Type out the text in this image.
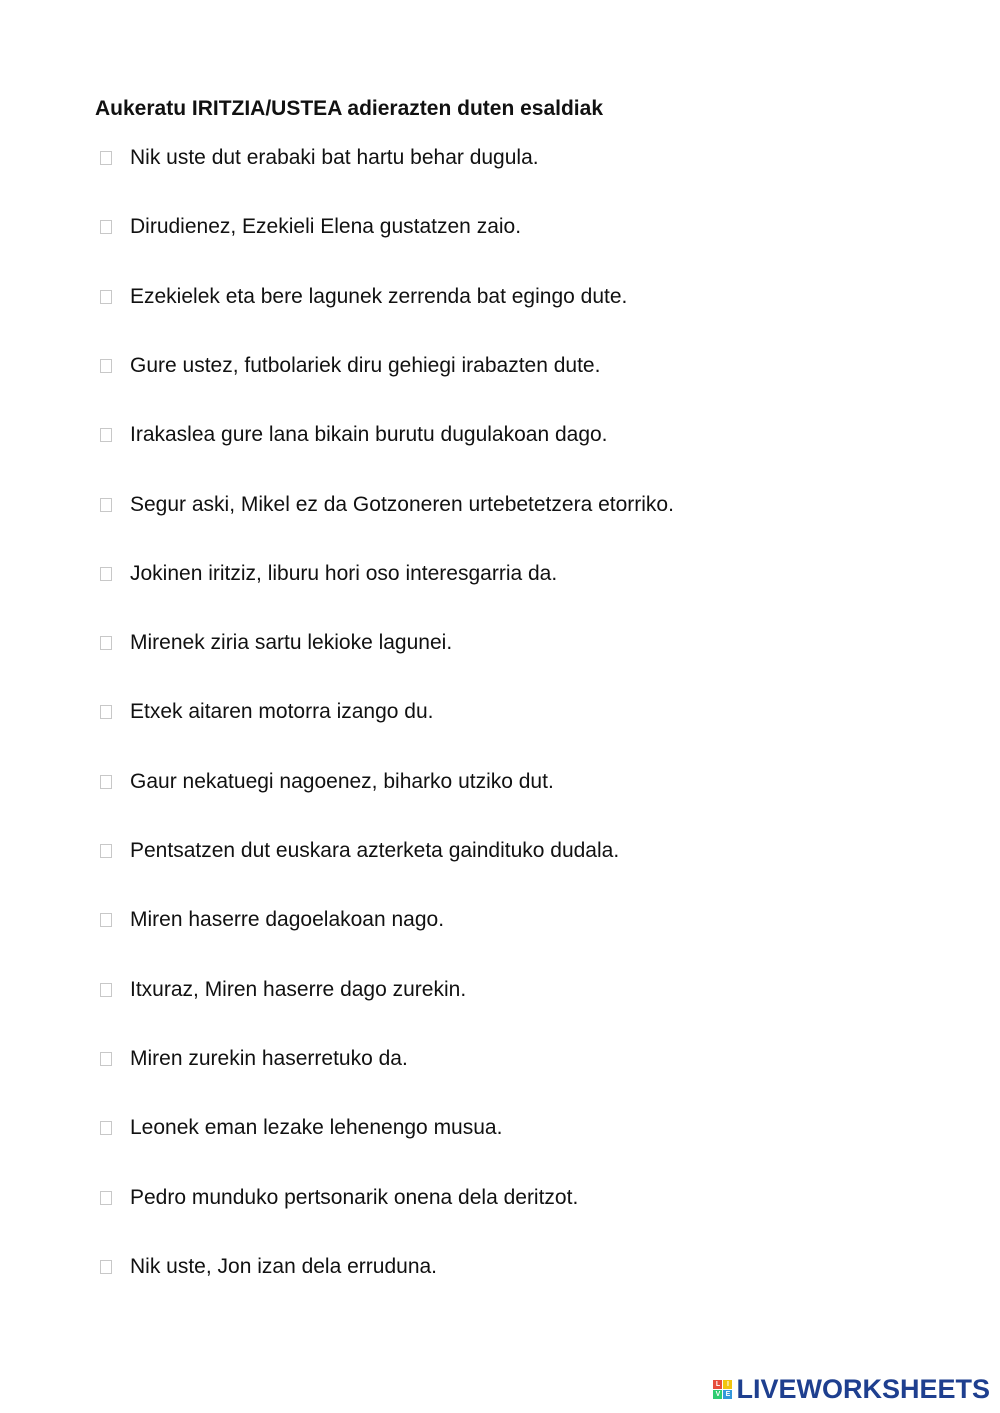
Aukeratu IRITZIA/USTEA adierazten duten esaldiak
Nik uste dut erabaki bat hartu behar dugula.
Dirudienez, Ezekieli Elena gustatzen zaio.
Ezekielek eta bere lagunek zerrenda bat egingo dute.
Gure ustez, futbolariek diru gehiegi irabazten dute.
Irakaslea gure lana bikain burutu dugulakoan dago.
Segur aski, Mikel ez da Gotzoneren urtebetetzera etorriko.
Jokinen iritziz, liburu hori oso interesgarria da.
Mirenek ziria sartu lekioke lagunei.
Etxek aitaren motorra izango du.
Gaur nekatuegi nagoenez, biharko utziko dut.
Pentsatzen dut euskara azterketa gaindituko dudala.
Miren haserre dagoelakoan nago.
Itxuraz, Miren haserre dago zurekin.
Miren zurekin haserretuko da.
Leonek eman lezake lehenengo musua.
Pedro munduko pertsonarik onena dela deritzot.
Nik uste, Jon izan dela erruduna.
L I
V E LIVEWORKSHEETS
